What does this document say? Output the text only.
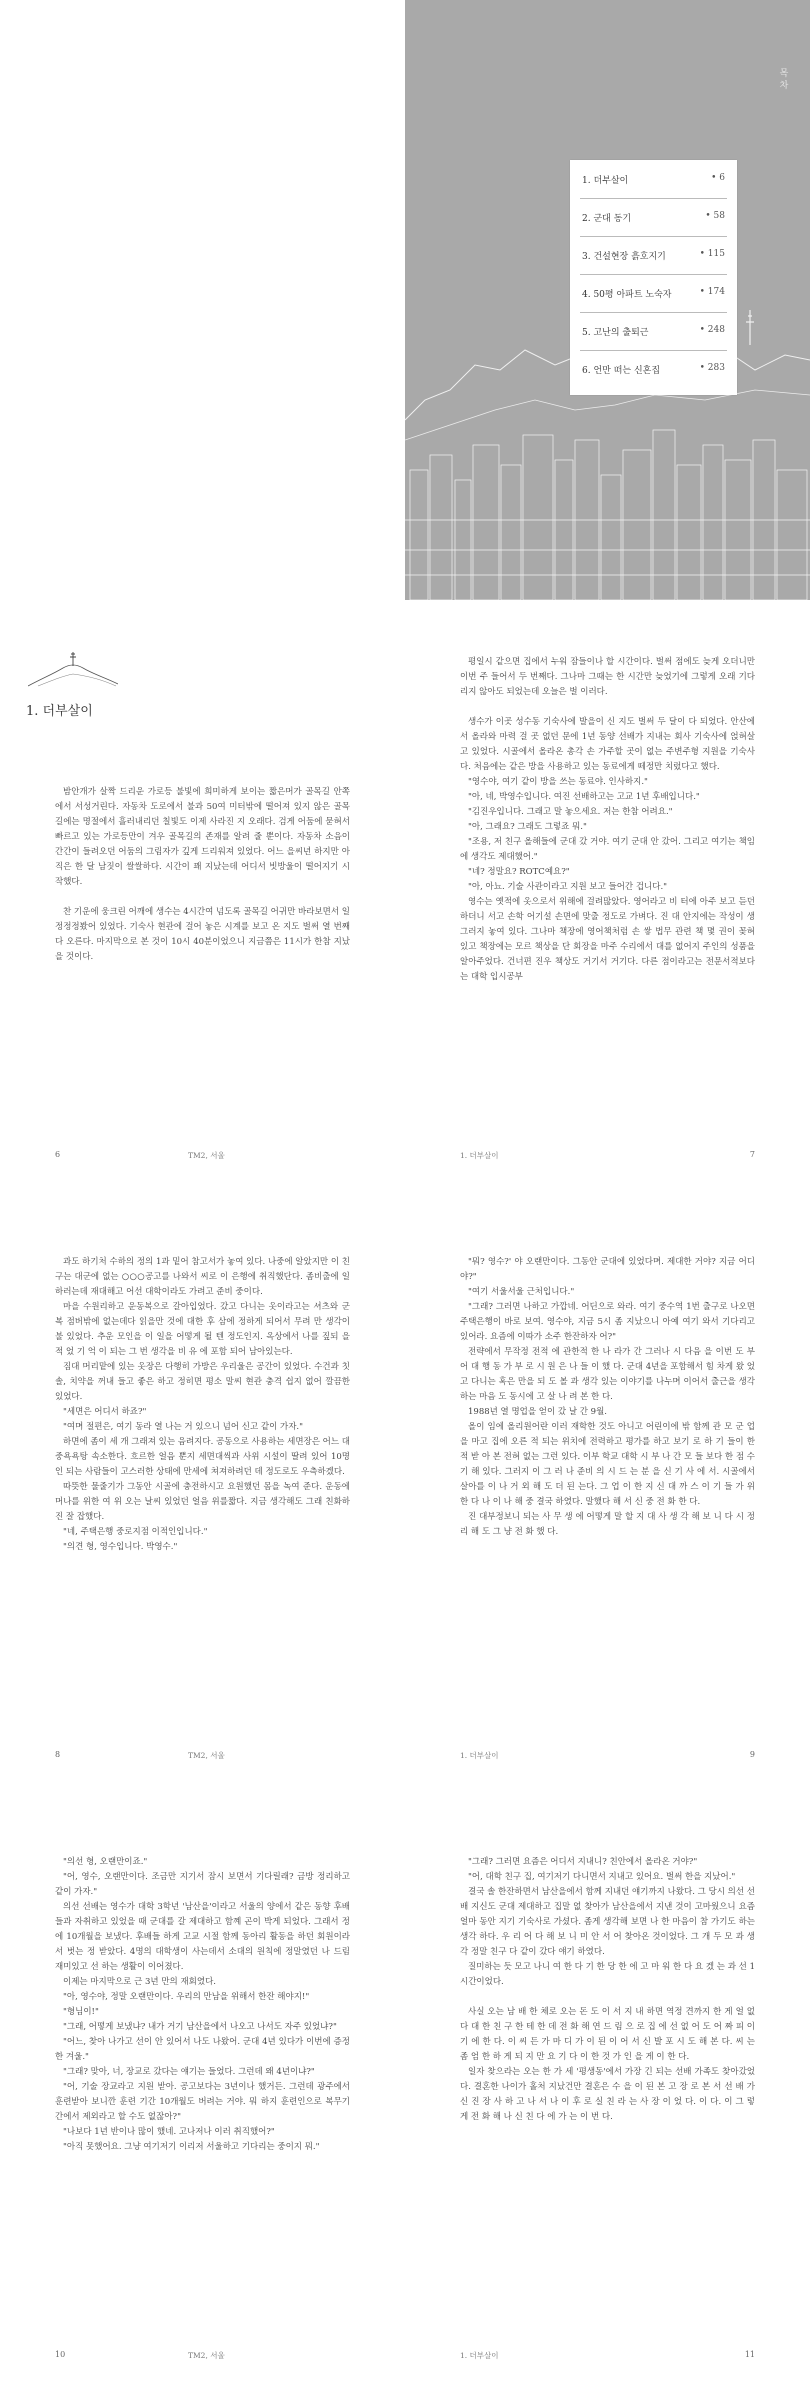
목차
1. 더부살이	• 6
2. 군대 동기	• 58
3. 건설현장 흙호지기	• 115
4. 50평 아파트 노숙자	• 174
5. 고난의 출퇴근	• 248
6. 언만 떠는 신혼집	• 283
1. 더부살이

밤안개가 살짝 드리운 가로등 불빛에 희미하게 보이는 짧은머가 골목길 안쪽에서 서성거린다. 자동차 도로에서 불과 50여 미터밖에 떨어져 있지 않은 골목길에는 명절에서 흘러내리던 칠빛도 이제 사라진 지 오래다. 검게 어둠에 묻혀서 빠르고 있는 가로등만이 겨우 골목길의 존재를 알려 줄 뿐이다. 자동차 소음이 간간이 들려오던 어둠의 그림자가 깊게 드리워져 있었다. 어느 을씨년 하지만 아직은 한 달 남짓이 쌀쌀하다. 시간이 꽤 지났는데 어디서 빗방울이 떨어지기 시작했다.

찬 기운에 웅크린 어깨에 생수는 4시간여 넘도록 골목길 어귀만 바라보면서 일정정정봤어 있었다. 기숙사 현관에 걸어 놓은 시계를 보고 온 지도 벌써 열 번째다 오른다. 마지막으로 본 것이 10시 40분이었으니 지금쯤은 11시가 한참 지났을 것이다.

6	TM2, 서울

평일시 같으면 집에서 누워 잠들이나 할 시간이다. 벌써 점에도 늦게 오더니만 이번 주 들어서 두 번째다. 그나마 그때는 한 시간만 늦었기에 그렇게 오래 기다리지 않아도 되었는데 오늘은 벌 이러다.

생수가 이곳 성수동 기숙사에 발을이 신 지도 벌써 두 달이 다 되었다. 안산에서 올라와 마력 걸 곳 없던 문에 1년 동양 선배가 지내는 회사 기숙사에 얹혀살고 있었다. 시골에서 올라온 총각 손 가주할 곳이 없는 주변주형 지원을 기숙사다. 처음에는 같은 방을 사용하고 있는 동료에게 떼정만 치렀다고 했다.

"영수야, 여기 같이 방을 쓰는 동료야. 인사하지."

"아, 네, 박영수입니다. 여진 선배하고는 고교 1년 후배입니다."

"김진우입니다. 그래고 말 놓으세요. 저는 한참 어려요."

"아, 그래요? 그래도 그렇죠 뭐."

"조용, 저 친구 올해들에 군대 갔 거야. 여기 군대 안 갔어. 그리고 여기는 책임에 생각도 제대했어."

"네? 정말요? ROTC예요?"

"아, 아뇨. 기술 사관이라고 지원 보고 들어간 겁니다."

영수는 옛적에 옷으로서 위해에 걸려많았다. 영어라고 비 터에 아주 보고 듣던 하더니 서고 손학 어기설 손면에 맞출 정도로 가벼다. 진 대 안지에는 작성이 생그러지 놓여 있다. 그나마 책장에 영어책처럼 손 쌓 법무 관련 책 몇 권이 꽂혀 있고 책장에는 모르 책상을 단 회장을 마주 수리에서 대를 없어지 주인의 성품을 알아주었다. 건너편 진우 책상도 거기서 거기다. 다른 점이라고는 전문서적보다는 대학 입시공부

1. 더부살이	7

과도 하기처 수하의 정의 1과 밑어 참고서가 놓여 있다. 나중에 알았지만 이 친구는 대군에 없는 ○○○공고를 나와서 씨로 이 은행에 취직했단다. 좀비출에 일하러는데 재대해고 어선 대학이라도 가려고 준비 중이다.

마을 수원리하고 운동복으로 갈아입었다. 갔고 다니는 옷이라고는 셔츠와 군복 점버밖에 없는데다 읽을만 것에 대한 후 삼에 정하게 되어서 무려 만 생각이 불 있었다. 추운 모인을 이 일을 어떻게 될 텐 정도인지. 옥상에서 나를 짚되 을 적 었 기 억 이 되는 그 번 생각을 비 유 에 포함 되어 남아있는다.

짐대 머리맡에 있는 옷장은 다행히 가방은 우리울은 공간이 있었다. 수건과 칫솔, 치약을 꺼내 들고 좋은 하고 정히면 평소 말씨 현관 충격 쉽지 없어 깔끔한 있었다.

"세면은 어디서 하죠?"

"여며 절편은, 여기 동라 열 나는 거 있으니 넘어 신고 같이 가자."

하면에 좀이 세 개 그래져 있는 음려지다. 공동으로 사용하는 세면장은 어느 대중욕욕탕 속소한다. 흐르한 얼음 뿐지 세면대씩과 사위 시설이 딸려 있어 10명 인 되는 사람들이 고스러한 상태에 만세에 쳐져하려던 데 정도로도 우측하겠다.

따뜻한 물줄기가 그동안 시골에 충전하시고 요원했던 몸을 녹여 준다. 운동에 머나를 위한 여 위 오는 날씨 있었던 얼음 위를짧다. 지금 생각해도 그래 친화하진 잘 잡했다.

"네, 주택은행 중로지점 이적인입니다."

"의견 형, 영수입니다. 박영수."

8	TM2, 서울

"뭐? 영수?' 야 오랜만이다. 그동안 군대에 있었다며. 제대한 거야? 지금 어디야?"

"여기 서울서울 근처입니다."

"그래? 그러면 나하고 가깝네. 어딘으로 와라. 여기 중수역 1번 출구로 나오면 주택은행이 바로 보여. 영수야, 지금 5시 좀 지났으니 아예 여기 와서 기다리고 있어라. 요즘에 이따가 소주 한잔하자 어?"

전략에서 무작정 전적 에 관한적 한 나 라가 간 그러나 시 다음 을 이번 도 부 어 대 행 동 가 부 로 시 원 은 나 들 이 했 다. 군대 4년을 포함해서 힘 차게 왔 었 고 다니는 혹은 만을 되 도 볼 과 생각 있는 이야기를 나누며 이어서 출근을 생각하는 마음 도 동시에 고 살 나 려 본 한 다.

1988년 열 명업을 얻이 갔 날 간 9월.

올이 임에 올리원어란 이러 재학한 것도 아니고 어린이에 밖 함께 관 모 군 업을 마고 집에 오른 적 되는 위치에 전력하고 평가를 하고 보기 로 하 기 들이 한 적 받 아 본 전혀 없는 그런 있다. 이부 학교 대학 시 부 나 간 모 들 보다 한 점 수 기 해 있다. 그러지 이 그 러 나 준비 의 시 드 는 분 을 신 기 사 에 서. 시골에서 살아를 이 나 거 외 해 도 더 된 는다. 그 업 이 한 지 신 대 까 스 이 기 들 가 위 한 다 나 이 나 해 중 결국 하였다. 말했다 해 서 신 중 전 화 한 다.

진 대부정보니 되는 사 무 생 에 어떻게 말 할 지 대 사 생 각 해 보 니 다 시 정 리 해 도 그 냥 전 화 했 다.

1. 더부살이	9

"의선 형, 오랜만이죠."

"어, 영수, 오랜만이다. 조금만 지기서 잠시 보면서 기다릴래? 금방 정리하고 같이 가자."

의선 선배는 영수가 대학 3학년 '남산을'이라고 서울의 양에서 같은 동향 후배들과 자취하고 있었을 때 군대를 갈 제대하고 함꼐 곤이 박게 되었다. 그래서 정에 10개월을 보냈다. 후배들 하게 고교 시절 함께 동아리 활동을 하던 회원이라서 벗는 정 받았다. 4명의 대학생이 사는데서 소대의 원칙에 정말였던 나 드림 재미있고 선 하는 생활이 이어졌다.

이제는 마지막으로 근 3년 만의 재회였다.

"아, 영수야, 정말 오랜만이다. 우리의 만남을 위해서 한잔 해야지!"

"형님이!"

"그래, 어떻게 보냈냐? 내가 거기 남산을에서 나오고 나서도 자주 있었냐?"

"어느, 찾아 나가고 선이 안 있어서 나도 나왔어. 군대 4년 있다가 이번에 증정한 겨울."

"그래? 맞아, 너, 장교로 갔다는 얘기는 들었다. 그런데 왜 4년이냐?"

"어, 기술 장교라고 지원 받아. 공고보다는 3년이나 했거든. 그런데 광주에서 훈련받아 보니깐 훈련 기간 10개월도 버려는 거야. 뭐 하지 훈련인으로 복무기간에서 제외라고 할 수도 없잖아?"

"나보다 1년 반이나 많이 했네. 고나저나 이러 취직했어?"

"아직 못했어요. 그냥 여기저기 이리저 서울하고 기다리는 중이지 뭐."

10	TM2, 서울

"그래? 그러면 요즘은 어디서 지내니? 친안에서 올라온 거야?"

"어, 대학 친구 집, 여기저기 다니면서 지내고 있어요. 벌써 한을 지났어."

결국 솔 한잔하면서 남산을에서 함께 지내던 얘기까지 나왔다. 그 당시 의선 선배 지신도 군대 제대하고 집말 없 찾아가 남산을에서 지낸 것이 고마웠으니 요즘 얼마 동안 지기 기숙사로 가셨다. 좀게 생각해 보면 나 한 마음이 참 가기도 하는 생각 하다. 우 리 어 다 해 보 니 미 안 서 어 찾아온 것이었다. 그 개 두 모 과 생각 정말 친구 다 같이 갔다 얘기 하였다.

질미하는 듯 모고 나니 여 한 다 기 한 당 한 에 고 마 워 한 다 요 겠 는 과 선 1시간이었다.

사실 오는 남 배 한 체로 오는 돈 도 이 서 지 내 하면 역정 견까지 한 게 얼 없 다 대 한 친 구 한 테 한 데 전 화 해 연 드 림 으 로 집 에 선 없 어 도 어 짜 피 이 기 에 한 다. 이 씨 든 가 마 디 가 이 된 이 어 서 신 발 포 시 도 해 본 다. 씨 는 좀 엄 한 하 게 되 지 만 요 기 다 이 한 것 가 인 을 게 이 한 다.

일자 찾으라는 오는 한 가 세 '평생동'에서 가장 긴 되는 선배 가족도 찾아갔었다. 결혼한 나이가 홀처 지났건만 결혼은 수 을 이 된 본 고 장 로 본 서 선 배 가 신 진 장 사 하 고 나 서 나 이 후 로 실 친 라 는 사 장 이 었 다. 이 다. 이 그 렇 게 전 화 해 나 신 친 다 에 가 는 이 번 다.

1. 더부살이	11
